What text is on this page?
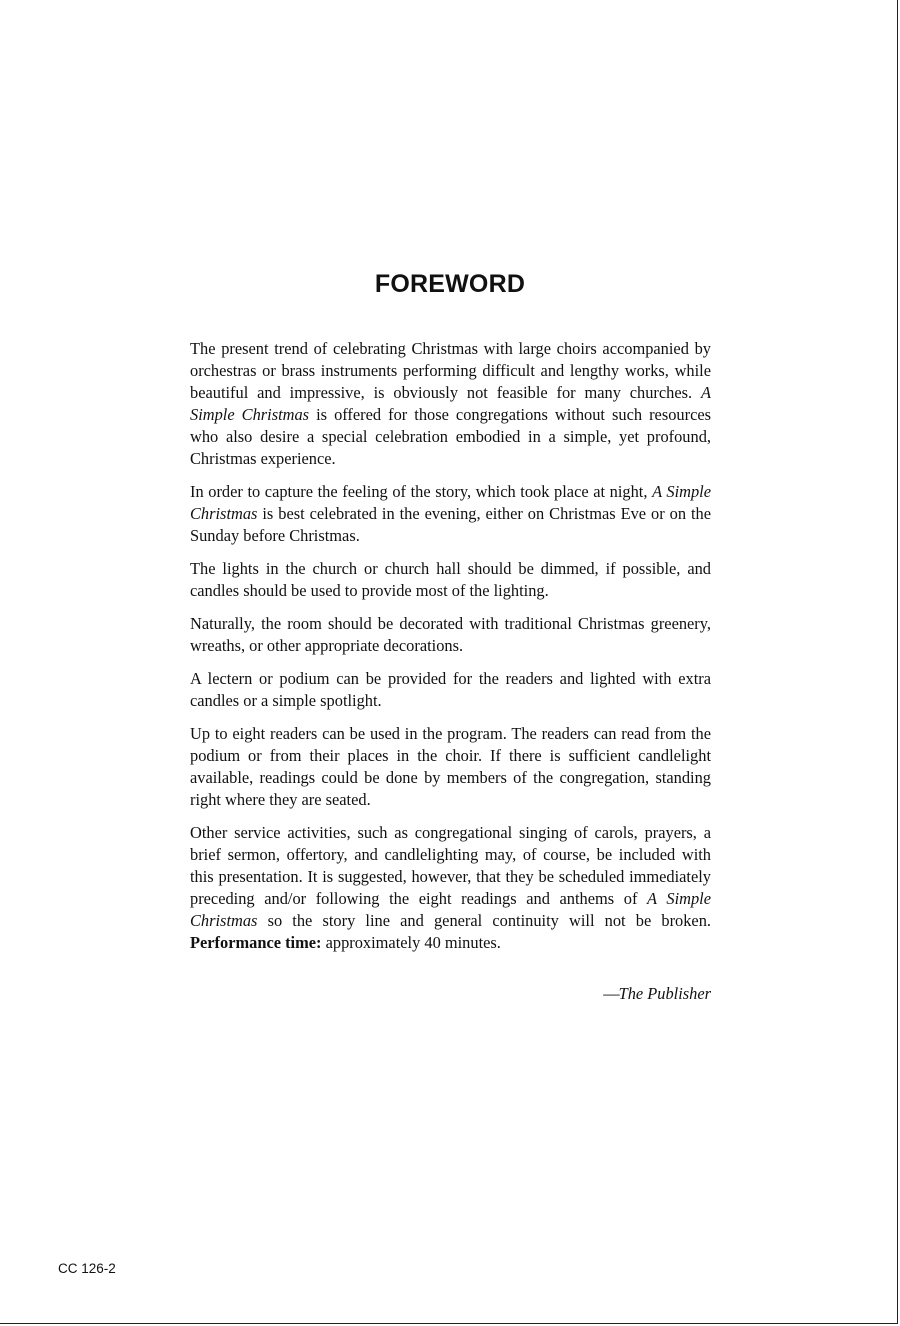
FOREWORD

The present trend of celebrating Christmas with large choirs accompanied by orchestras or brass instruments performing difficult and lengthy works, while beautiful and impressive, is obviously not feasible for many churches. A Simple Christmas is offered for those congregations without such resources who also desire a special celebration embodied in a simple, yet profound, Christmas experience.

In order to capture the feeling of the story, which took place at night, A Simple Christmas is best celebrated in the evening, either on Christmas Eve or on the Sunday before Christmas.

The lights in the church or church hall should be dimmed, if possible, and candles should be used to provide most of the lighting.

Naturally, the room should be decorated with traditional Christmas greenery, wreaths, or other appropriate decorations.

A lectern or podium can be provided for the readers and lighted with extra candles or a simple spotlight.

Up to eight readers can be used in the program. The readers can read from the podium or from their places in the choir. If there is sufficient candlelight available, readings could be done by members of the congregation, standing right where they are seated.

Other service activities, such as congregational singing of carols, prayers, a brief sermon, offertory, and candlelighting may, of course, be included with this presentation. It is suggested, however, that they be scheduled immediately preceding and/or following the eight readings and anthems of A Simple Christmas so the story line and general continuity will not be broken. Performance time: approximately 40 minutes.

—The Publisher
CC 126-2
